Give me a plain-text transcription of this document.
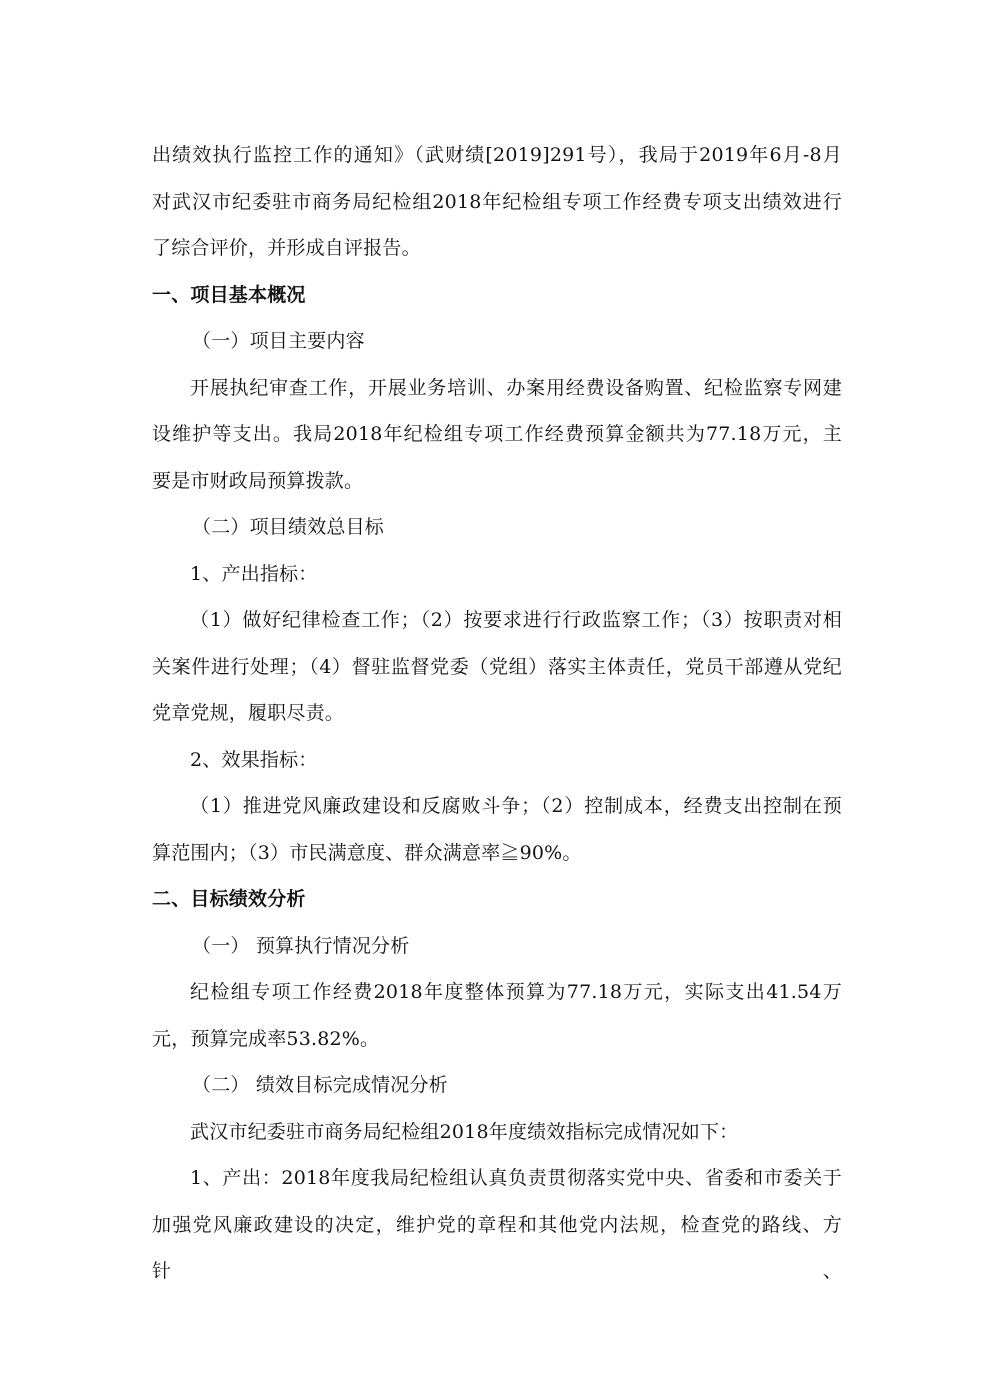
出绩效执行监控工作的通知》（武财绩[2019]291号），我局于2019年6月-8月
对武汉市纪委驻市商务局纪检组2018年纪检组专项工作经费专项支出绩效进行
了综合评价，并形成自评报告。
一、项目基本概况
（一）项目主要内容
开展执纪审查工作，开展业务培训、办案用经费设备购置、纪检监察专网建
设维护等支出。我局2018年纪检组专项工作经费预算金额共为77.18万元，主
要是市财政局预算拨款。
（二）项目绩效总目标
1、产出指标：
（1）做好纪律检查工作；（2）按要求进行行政监察工作；（3）按职责对相
关案件进行处理；（4）督驻监督党委（党组）落实主体责任，党员干部遵从党纪
党章党规，履职尽责。
2、效果指标：
（1）推进党风廉政建设和反腐败斗争；（2）控制成本，经费支出控制在预
算范围内；（3）市民满意度、群众满意率≧90%。
二、目标绩效分析
（一） 预算执行情况分析
纪检组专项工作经费2018年度整体预算为77.18万元，实际支出41.54万
元，预算完成率53.82%。
（二） 绩效目标完成情况分析
武汉市纪委驻市商务局纪检组2018年度绩效指标完成情况如下：
1、产出：2018年度我局纪检组认真负责贯彻落实党中央、省委和市委关于
加强党风廉政建设的决定，维护党的章程和其他党内法规，检查党的路线、方针、
